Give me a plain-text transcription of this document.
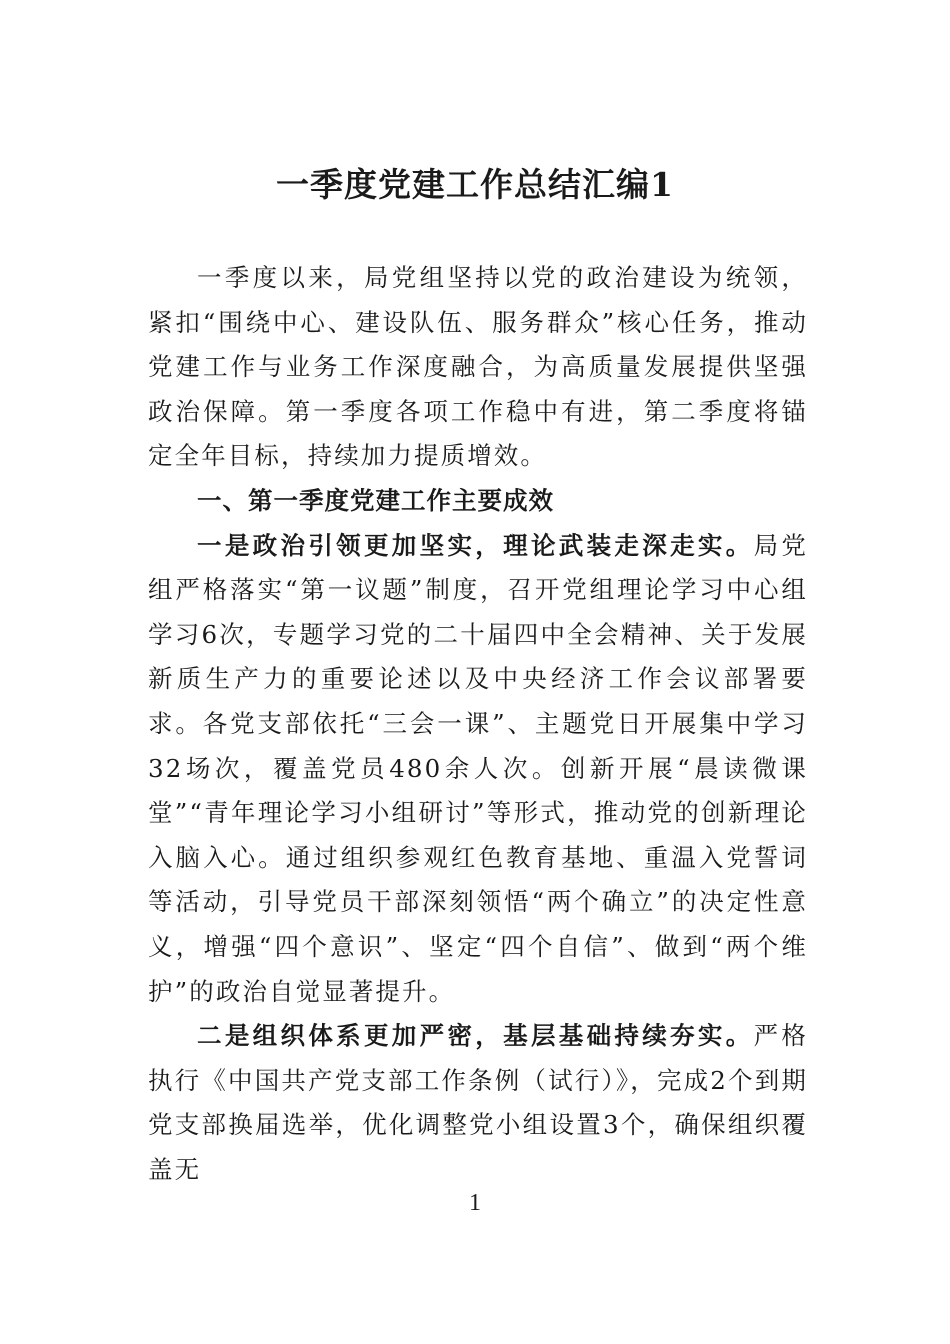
一季度党建工作总结汇编1

一季度以来，局党组坚持以党的政治建设为统领，紧扣“围绕中心、建设队伍、服务群众”核心任务，推动党建工作与业务工作深度融合，为高质量发展提供坚强政治保障。第一季度各项工作稳中有进，第二季度将锚定全年目标，持续加力提质增效。

一、第一季度党建工作主要成效

一是政治引领更加坚实，理论武装走深走实。局党组严格落实“第一议题”制度，召开党组理论学习中心组学习6次，专题学习党的二十届四中全会精神、关于发展新质生产力的重要论述以及中央经济工作会议部署要求。各党支部依托“三会一课”、主题党日开展集中学习32场次，覆盖党员480余人次。创新开展“晨读微课堂”“青年理论学习小组研讨”等形式，推动党的创新理论入脑入心。通过组织参观红色教育基地、重温入党誓词等活动，引导党员干部深刻领悟“两个确立”的决定性意义，增强“四个意识”、坚定“四个自信”、做到“两个维护”的政治自觉显著提升。

二是组织体系更加严密，基层基础持续夯实。严格执行《中国共产党支部工作条例（试行）》，完成2个到期党支部换届选举，优化调整党小组设置3个，确保组织覆盖无

1
